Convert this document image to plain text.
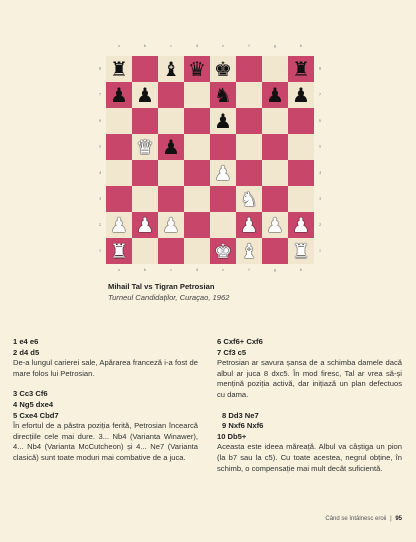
a	b	c	d	e	f	g	h
8
7
6
5
4
3
2
1
♜ ♝ ♛ ♚	♜
♟ ♟	♞ ♟ ♟
♟
♛ ♟
♟
♞
♟ ♟ ♟	♟ ♟ ♟
♜	♚ ♝ ♜
8
7
6
5
4
3
2
1
a	b	c	d	e	f	g	h
Mihail Tal vs Tigran Petrosian
Turneul Candidaților, Curaçao, 1962
1 e4 e6
2 d4 d5

De-a lungul carierei sale, Apărarea franceză i-a fost de mare folos lui Petrosian.

3 Cc3 Cf6
4 Ng5 dxe4
5 Cxe4 Cbd7

În efortul de a păstra poziția ferită, Petrosian încearcă direcțiile cele mai dure. 3... Nb4 (Varianta Winawer), 4... Nb4 (Varianta McCutcheon) și 4... Ne7 (Varianta clasică) sunt toate moduri mai combative de a juca.

6 Cxf6+ Cxf6
7 Cf3 c5

Petrosian ar savura șansa de a schimba damele dacă albul ar juca 8 dxc5. În mod firesc, Tal ar vrea să-și mențină poziția activă, dar inițiază un plan defectuos cu dama.

8 Dd3 Ne7
9 Nxf6 Nxf6
10 Db5+

Aceasta este ideea măreață. Albul va câștiga un pion (la b7 sau la c5). Cu toate acestea, negrul obține, în schimb, o compensație mai mult decât suficientă.

Când se întâlnesc eroii | 95
